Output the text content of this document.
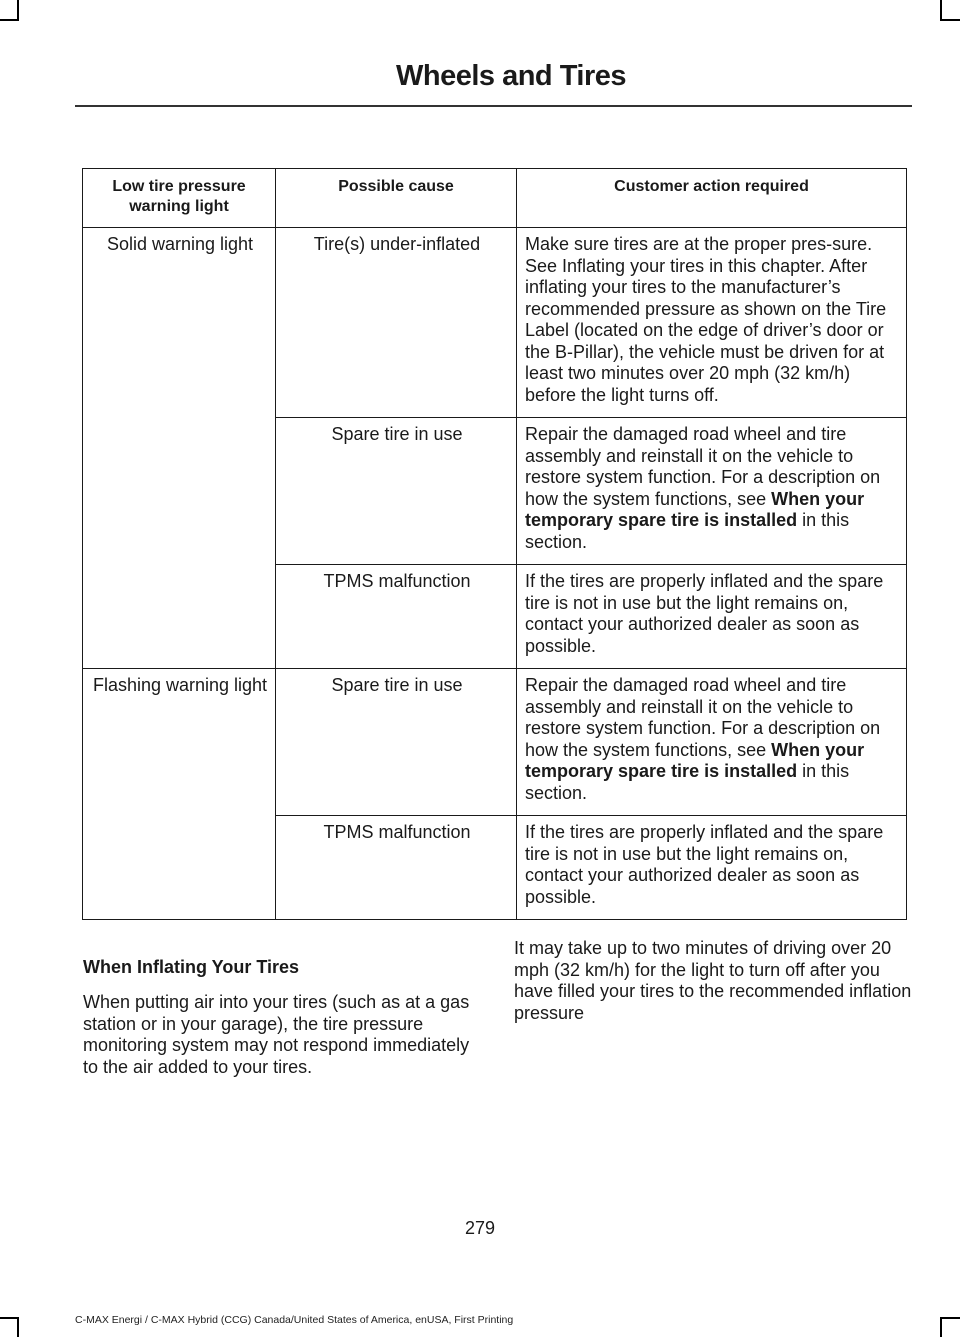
Wheels and Tires
Low tire pressure warning light	Possible cause	Customer action required
Solid warning light	Tire(s) under-inflated	Make sure tires are at the proper pres-sure. See Inflating your tires in this chapter. After inflating your tires to the manufacturer’s recommended pressure as shown on the Tire Label (located on the edge of driver’s door or the B-Pillar), the vehicle must be driven for at least two minutes over 20 mph (32 km/h) before the light turns off.
	Spare tire in use	Repair the damaged road wheel and tire assembly and reinstall it on the vehicle to restore system function. For a description on how the system functions, see When your temporary spare tire is installed in this section.
	TPMS malfunction	If the tires are properly inflated and the spare tire is not in use but the light remains on, contact your authorized dealer as soon as possible.
Flashing warning light	Spare tire in use	Repair the damaged road wheel and tire assembly and reinstall it on the vehicle to restore system function. For a description on how the system functions, see When your temporary spare tire is installed in this section.
	TPMS malfunction	If the tires are properly inflated and the spare tire is not in use but the light remains on, contact your authorized dealer as soon as possible.
When Inflating Your Tires

When putting air into your tires (such as at a gas station or in your garage), the tire pressure monitoring system may not respond immediately to the air added to your tires.

It may take up to two minutes of driving over 20 mph (32 km/h) for the light to turn off after you have filled your tires to the recommended inflation pressure

279
C-MAX Energi / C-MAX Hybrid (CCG) Canada/United States of America, enUSA, First Printing
